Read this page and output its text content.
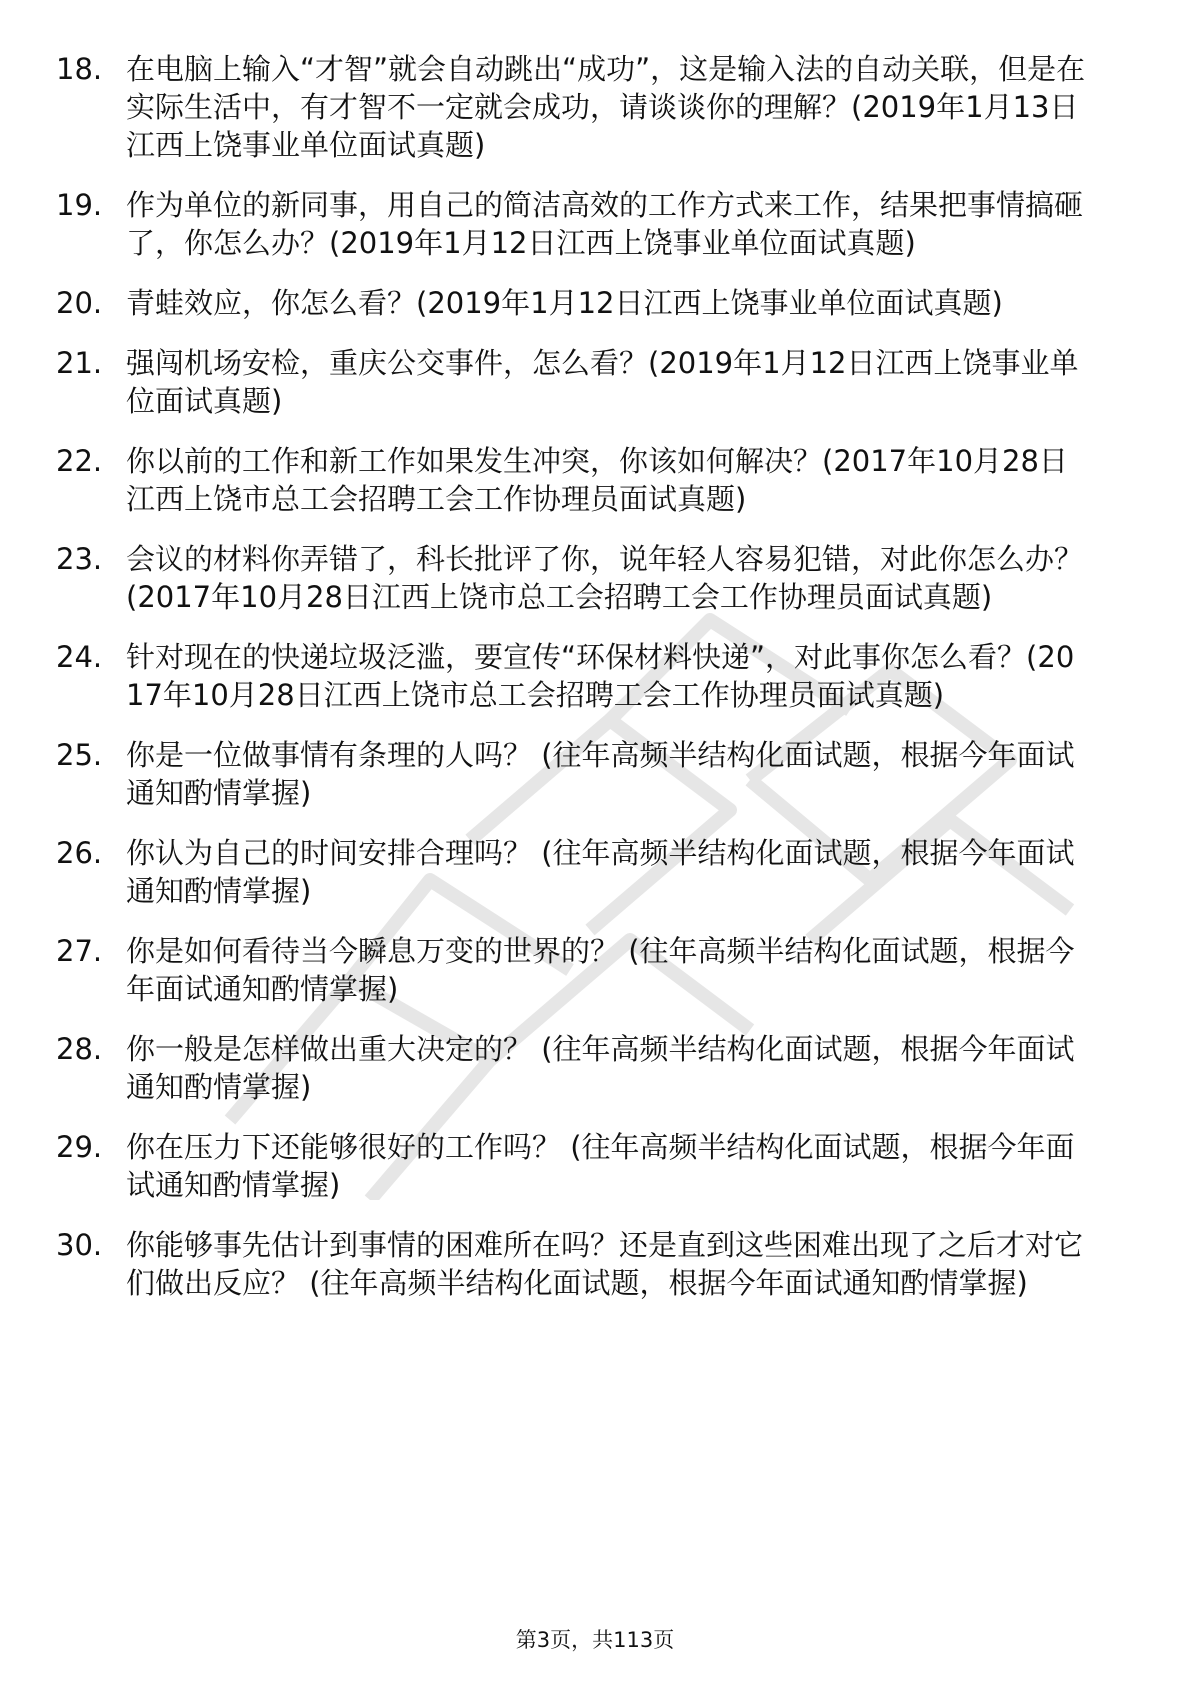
18. 在电脑上输入“才智”就会自动跳出“成功”，这是输入法的自动关联，但是在实际生活中，有才智不一定就会成功，请谈谈你的理解？(2019年1月13日江西上饶事业单位面试真题)
19. 作为单位的新同事，用自己的简洁高效的工作方式来工作，结果把事情搞砸了，你怎么办？(2019年1月12日江西上饶事业单位面试真题)
20. 青蛙效应，你怎么看？(2019年1月12日江西上饶事业单位面试真题)
21. 强闯机场安检，重庆公交事件，怎么看？(2019年1月12日江西上饶事业单位面试真题)
22. 你以前的工作和新工作如果发生冲突，你该如何解决？(2017年10月28日江西上饶市总工会招聘工会工作协理员面试真题)
23. 会议的材料你弄错了，科长批评了你，说年轻人容易犯错，对此你怎么办？(2017年10月28日江西上饶市总工会招聘工会工作协理员面试真题)
24. 针对现在的快递垃圾泛滥，要宣传“环保材料快递”，对此事你怎么看？(2017年10月28日江西上饶市总工会招聘工会工作协理员面试真题)
25. 你是一位做事情有条理的人吗？ (往年高频半结构化面试题，根据今年面试通知酌情掌握)
26. 你认为自己的时间安排合理吗？ (往年高频半结构化面试题，根据今年面试通知酌情掌握)
27. 你是如何看待当今瞬息万变的世界的？ (往年高频半结构化面试题，根据今年面试通知酌情掌握)
28. 你一般是怎样做出重大决定的？ (往年高频半结构化面试题，根据今年面试通知酌情掌握)
29. 你在压力下还能够很好的工作吗？ (往年高频半结构化面试题，根据今年面试通知酌情掌握)
30. 你能够事先估计到事情的困难所在吗？还是直到这些困难出现了之后才对它们做出反应？ (往年高频半结构化面试题，根据今年面试通知酌情掌握)
第3页，共113页
